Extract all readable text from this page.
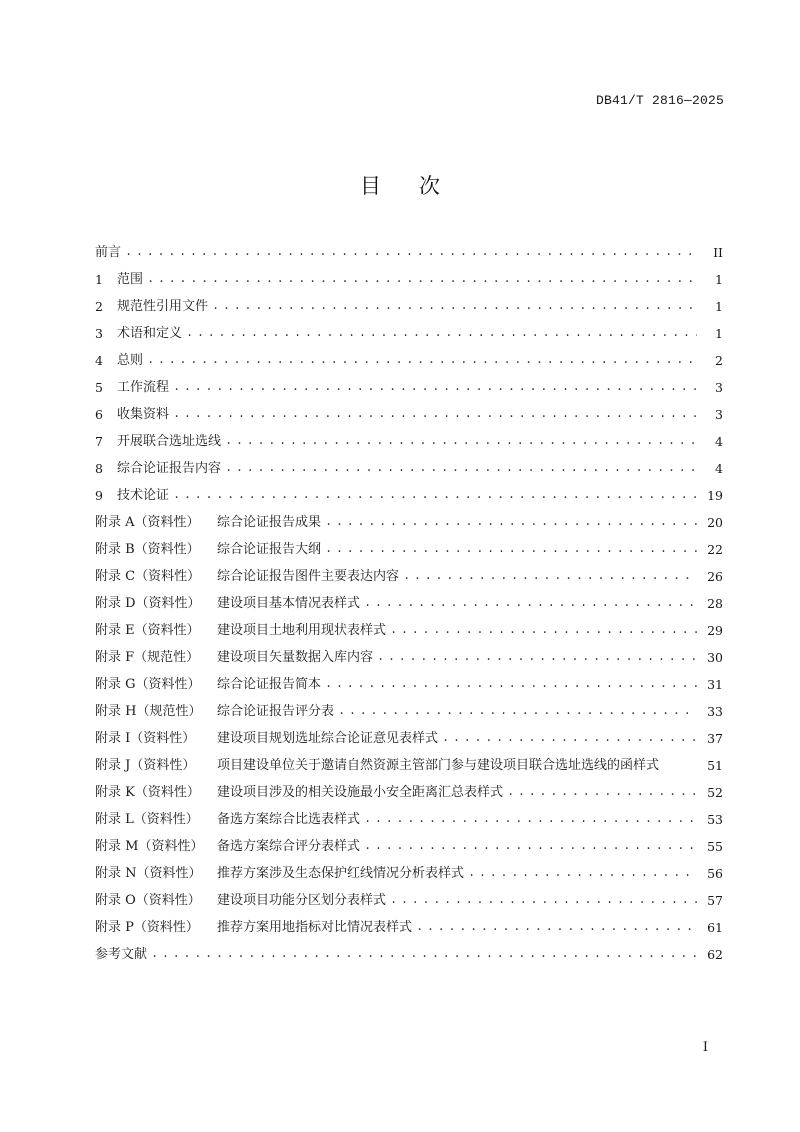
DB41/T 2816—2025
目 次
前言 .....	II
1	范围 .....	1
2	规范性引用文件 .....	1
3	术语和定义 .....	1
4	总则 .....	2
5	工作流程 .....	3
6	收集资料 .....	3
7	开展联合选址选线 .....	4
8	综合论证报告内容 .....	4
9	技术论证 .....	19
附录 A（资料性）	综合论证报告成果 .....	20
附录 B（资料性）	综合论证报告大纲 .....	22
附录 C（资料性）	综合论证报告图件主要表达内容 .....	26
附录 D（资料性）	建设项目基本情况表样式 .....	28
附录 E（资料性）	建设项目土地利用现状表样式 .....	29
附录 F（规范性）	建设项目矢量数据入库内容 .....	30
附录 G（资料性）	综合论证报告简本 .....	31
附录 H（规范性）	综合论证报告评分表 .....	33
附录 I（资料性）	建设项目规划选址综合论证意见表样式 .....	37
附录 J（资料性）	项目建设单位关于邀请自然资源主管部门参与建设项目联合选址选线的函样式	51
附录 K（资料性）	建设项目涉及的相关设施最小安全距离汇总表样式 .....	52
附录 L（资料性）	备选方案综合比选表样式 .....	53
附录 M（资料性）	备选方案综合评分表样式 .....	55
附录 N（资料性）	推荐方案涉及生态保护红线情况分析表样式 .....	56
附录 O（资料性）	建设项目功能分区划分表样式 .....	57
附录 P（资料性）	推荐方案用地指标对比情况表样式 .....	61
参考文献 .....	62
I
